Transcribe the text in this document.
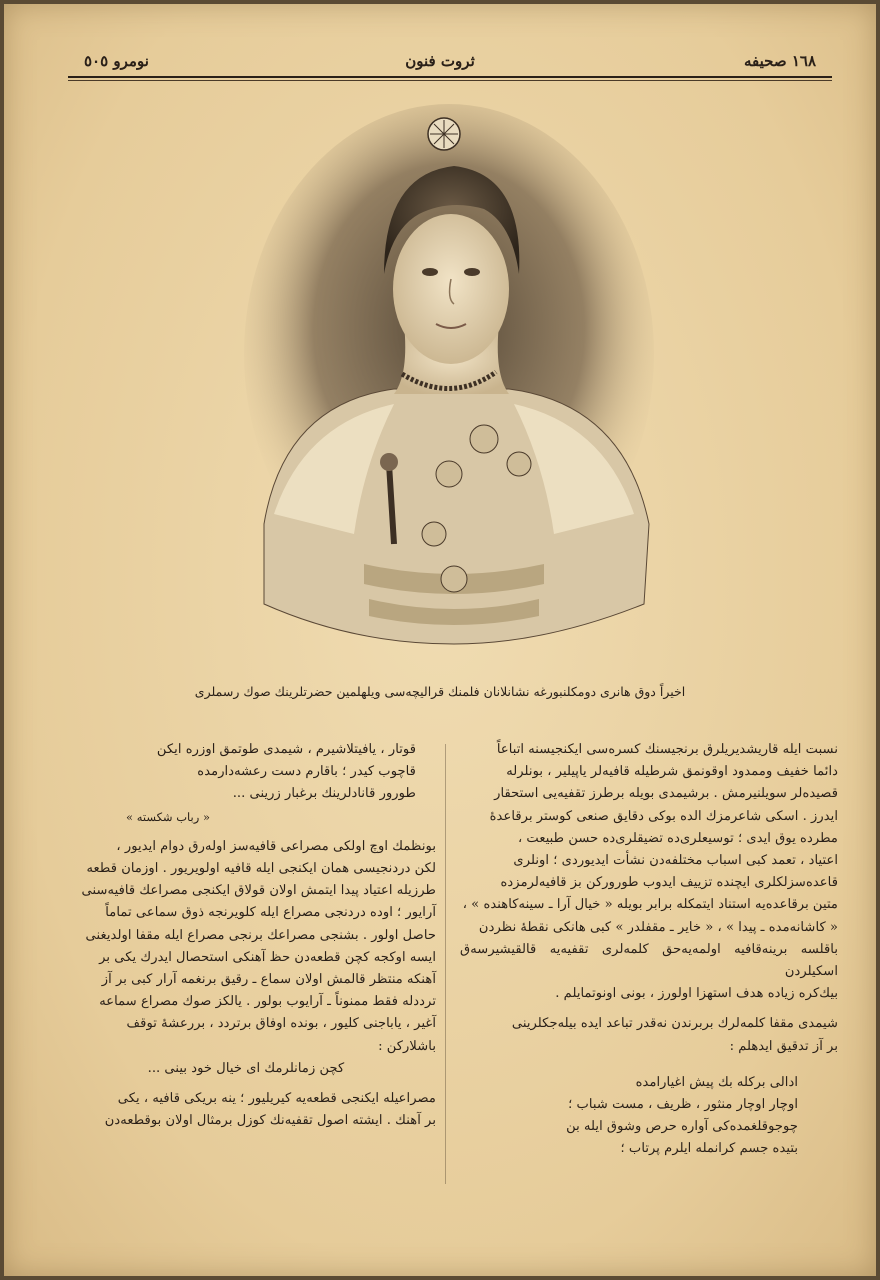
نومرو ٥٠٥	ثروت فنون	١٦٨ صحيفه
اخيراً دوق هانری دومكلنبورغه نشانلانان فلمنك قراليچه‌سی ويلهلمين حضرتلرينك صوك رسملری

نسبت ايله قاريشدير‌يلرق بر‌نجيسنك كسره‌سی ايكنجيسنه اتباعاً

دائما خفيف وممدود اوقونمق شرطيله قافيه‌لر ياپيلير ، بونلرله

قصيده‌لر سويلنيرمش . برشيمدی بويله برطرز تقفيه‌يی استحقار

ايدرز . اسكی شاعرمزك الده بوكی دقايق صنعی كوستر برقاعدهٔ

مطرده يوق ايدی ؛ توسيعلری‌ده تضيقلری‌ده حسن طبيعت ،

اعتياد ، تعمد كبی اسباب مختلفه‌دن نشأت ايديوردی ؛ اونلری

قاعده‌سزلكلری ايچنده تزييف ايدوب طوروركن بز قافيه‌لرمزده

متين برقاعده‌يه استناد ايتمكله برابر بويله « خيال آرا ـ سينه‌كاهنده » ،

« كاشانه‌مده ـ پيدا » ، « خاير ـ مقفلدر » كبی هانكی نقطهٔ نظردن

باقلسه برينه‌قافيه اولمه‌يه‌حق كلمه‌لری تقفيه‌يه قالقيشيرسه‌ق اسكيلردن

بيك‌كره زياده هدف استهزا اولورز ، بونی اونوتمايلم .

شيمدی مقفا كلمه‌لرك بربرندن نه‌قدر تباعد ايده بيله‌جكلرينی

بر آز تدقيق ايدهلم :

ادالی بركله بك پيش اغيار‌امده

اوچار اوچار منثور ، ظريف ، مست شباب ؛

چوجوقلغمده‌كی آواره حرص وشوق ايله بن

بتيده جسم كرانمله ايلرم پرتاب ؛

قوتار ، يافيتلاشيرم ، شيمدی طوتمق اوزره ايكن

قاچوب كيدر ؛ باقارم دست رعشه‌دارمده

طورور قانادلرينك برغبار زرينی ...

« رباب شكسته »

بونظمك اوچ اولكی مصراعی قافيه‌سز اوله‌رق دوام ايديور ،

لكن دردنجيسی همان ايكنجی ايله قافيه اولويريور . اوزمان قطعه

طرزيله اعتياد پيدا ايتمش اولان قولاق ايكنجی مصراعك قافيه‌سنی

آرايور ؛ اوده دردنجی مصراع ايله كلويرنجه ذوق سماعی تماماً

حاصل اولور . بشنجی مصراعك برنجی مصراع ايله مقفا اولديغنی

ايسه اوكجه كچن قطعه‌دن حظ آهنكی استحصال ايدرك يكی بر

آهنكه منتظر قالمش اولان سماع ـ رقيق برنغمه آرار كبی بر آز

ترددله فقط ممنوناً ـ آرايوب بولور . يالكز صوك مصراع سماعه

آغير ، ياباجنی كليور ، بونده اوفاق برتردد ، بررعشهٔ توقف

باشلاركن :

كچن زمانلرمك ای خيال خود بينی ...

مصراعيله ايكنجی قطعه‌يه كيريليور ؛ ينه بريكی قافيه ، يكی

بر آهنك . ايشته اصول تقفيه‌نك كوزل برمثال اولان بوقطعه‌دن
